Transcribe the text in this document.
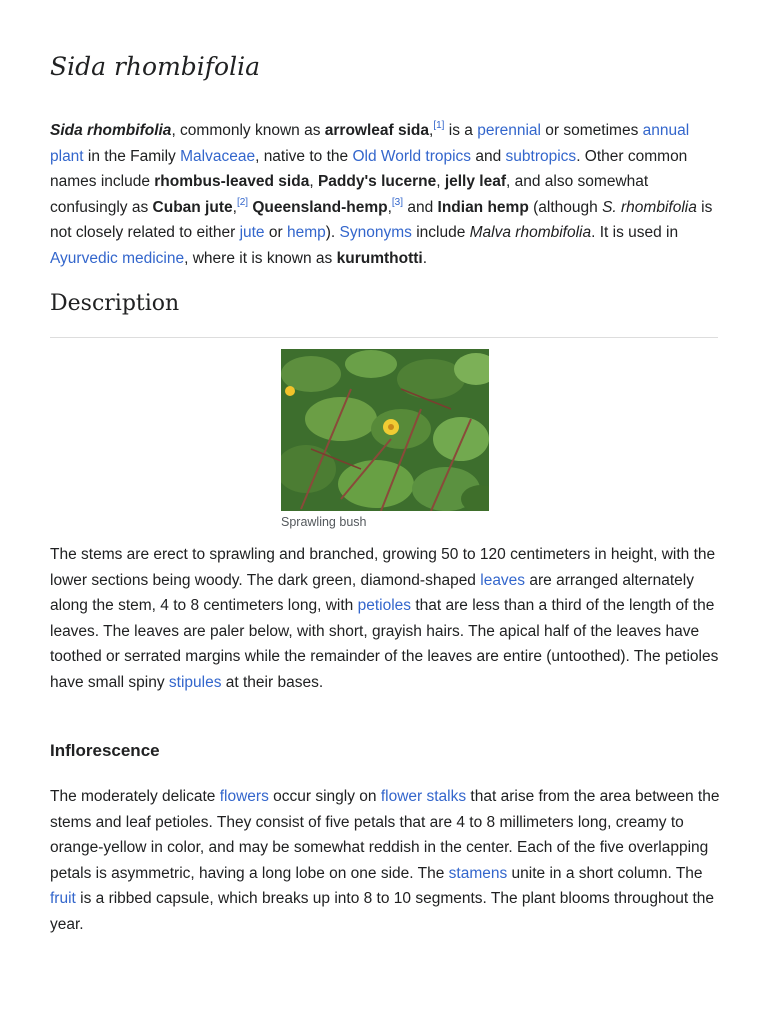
Sida rhombifolia

Sida rhombifolia, commonly known as arrowleaf sida,[1] is a perennial or sometimes annual plant in the Family Malvaceae, native to the Old World tropics and subtropics. Other common names include rhombus-leaved sida, Paddy's lucerne, jelly leaf, and also somewhat confusingly as Cuban jute,[2] Queensland-hemp,[3] and Indian hemp (although S. rhombifolia is not closely related to either jute or hemp). Synonyms include Malva rhombifolia. It is used in Ayurvedic medicine, where it is known as kurumthotti.

Description
Sprawling bush

The stems are erect to sprawling and branched, growing 50 to 120 centimeters in height, with the lower sections being woody. The dark green, diamond-shaped leaves are arranged alternately along the stem, 4 to 8 centimeters long, with petioles that are less than a third of the length of the leaves. The leaves are paler below, with short, grayish hairs. The apical half of the leaves have toothed or serrated margins while the remainder of the leaves are entire (untoothed). The petioles have small spiny stipules at their bases.

Inflorescence

The moderately delicate flowers occur singly on flower stalks that arise from the area between the stems and leaf petioles. They consist of five petals that are 4 to 8 millimeters long, creamy to orange-yellow in color, and may be somewhat reddish in the center. Each of the five overlapping petals is asymmetric, having a long lobe on one side. The stamens unite in a short column. The fruit is a ribbed capsule, which breaks up into 8 to 10 segments. The plant blooms throughout the year.
